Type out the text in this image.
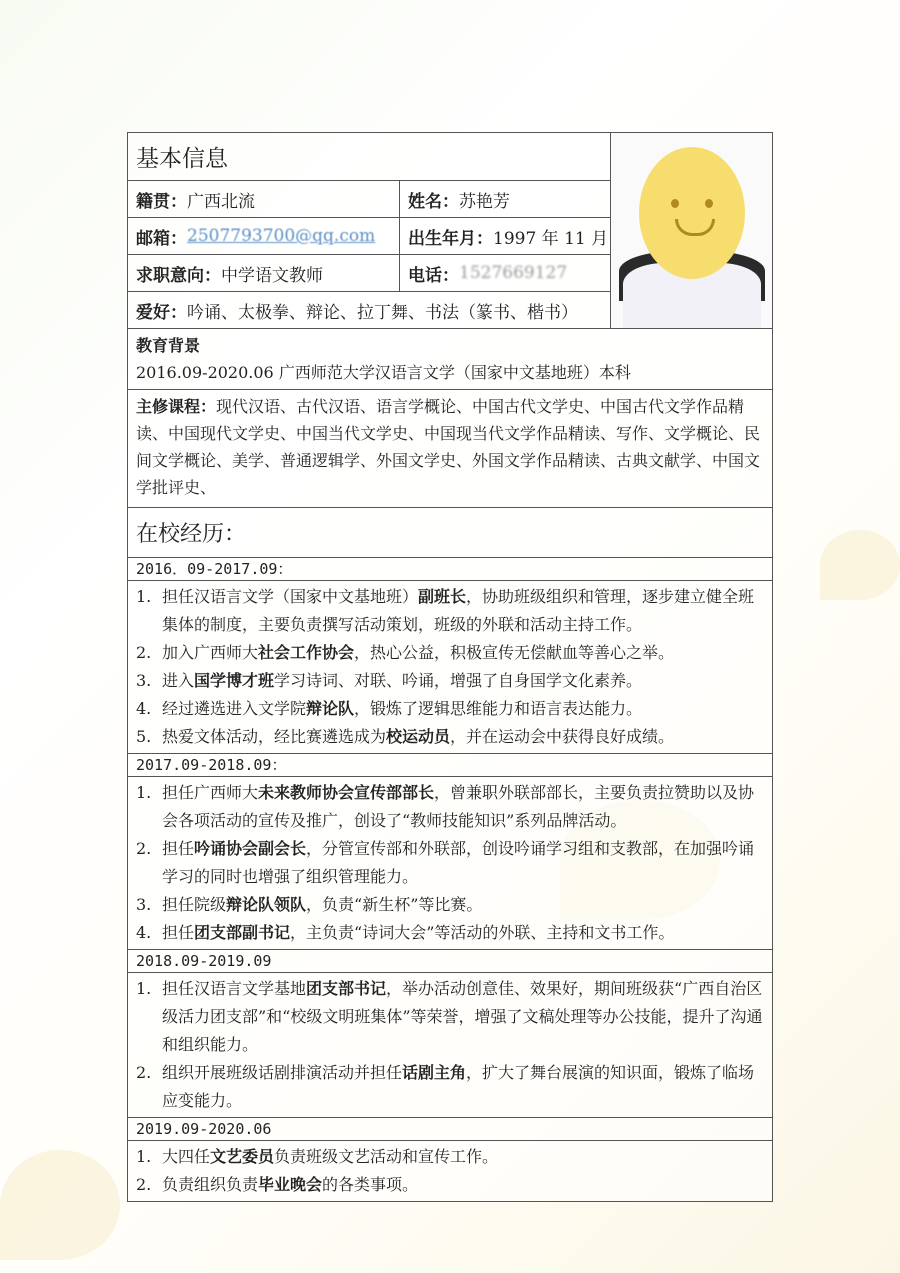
基本信息
籍贯： 广西北流	姓名： 苏艳芳
邮箱： 2507793700@qq.com 出生年月： 1997 年 11 月
求职意向： 中学语文教师	电话： 1527669127
爱好： 吟诵、太极拳、辩论、拉丁舞、书法（篆书、楷书）
教育背景
2016.09-2020.06 广西师范大学汉语言文学（国家中文基地班）本科
主修课程：现代汉语、古代汉语、语言学概论、中国古代文学史、中国古代文学作品精读、中国现代文学史、中国当代文学史、中国现当代文学作品精读、写作、文学概论、民间文学概论、美学、普通逻辑学、外国文学史、外国文学作品精读、古典文献学、中国文学批评史、
在校经历：
2016．09-2017.09：
1. 担任汉语言文学（国家中文基地班）副班长，协助班级组织和管理，逐步建立健全班集体的制度，主要负责撰写活动策划，班级的外联和活动主持工作。
2. 加入广西师大社会工作协会，热心公益，积极宣传无偿献血等善心之举。
3. 进入国学博才班学习诗词、对联、吟诵，增强了自身国学文化素养。
4. 经过遴选进入文学院辩论队，锻炼了逻辑思维能力和语言表达能力。
5. 热爱文体活动，经比赛遴选成为校运动员，并在运动会中获得良好成绩。
2017.09-2018.09：
1. 担任广西师大未来教师协会宣传部部长，曾兼职外联部部长，主要负责拉赞助以及协会各项活动的宣传及推广，创设了“教师技能知识”系列品牌活动。
2. 担任吟诵协会副会长，分管宣传部和外联部，创设吟诵学习组和支教部，在加强吟诵学习的同时也增强了组织管理能力。
3. 担任院级辩论队领队，负责“新生杯”等比赛。
4. 担任团支部副书记，主负责“诗词大会”等活动的外联、主持和文书工作。
2018.09-2019.09
1. 担任汉语言文学基地团支部书记，举办活动创意佳、效果好，期间班级获“广西自治区级活力团支部”和“校级文明班集体”等荣誉，增强了文稿处理等办公技能，提升了沟通和组织能力。
2. 组织开展班级话剧排演活动并担任话剧主角，扩大了舞台展演的知识面，锻炼了临场应变能力。
2019.09-2020.06
1. 大四任文艺委员负责班级文艺活动和宣传工作。
2. 负责组织负责毕业晚会的各类事项。
